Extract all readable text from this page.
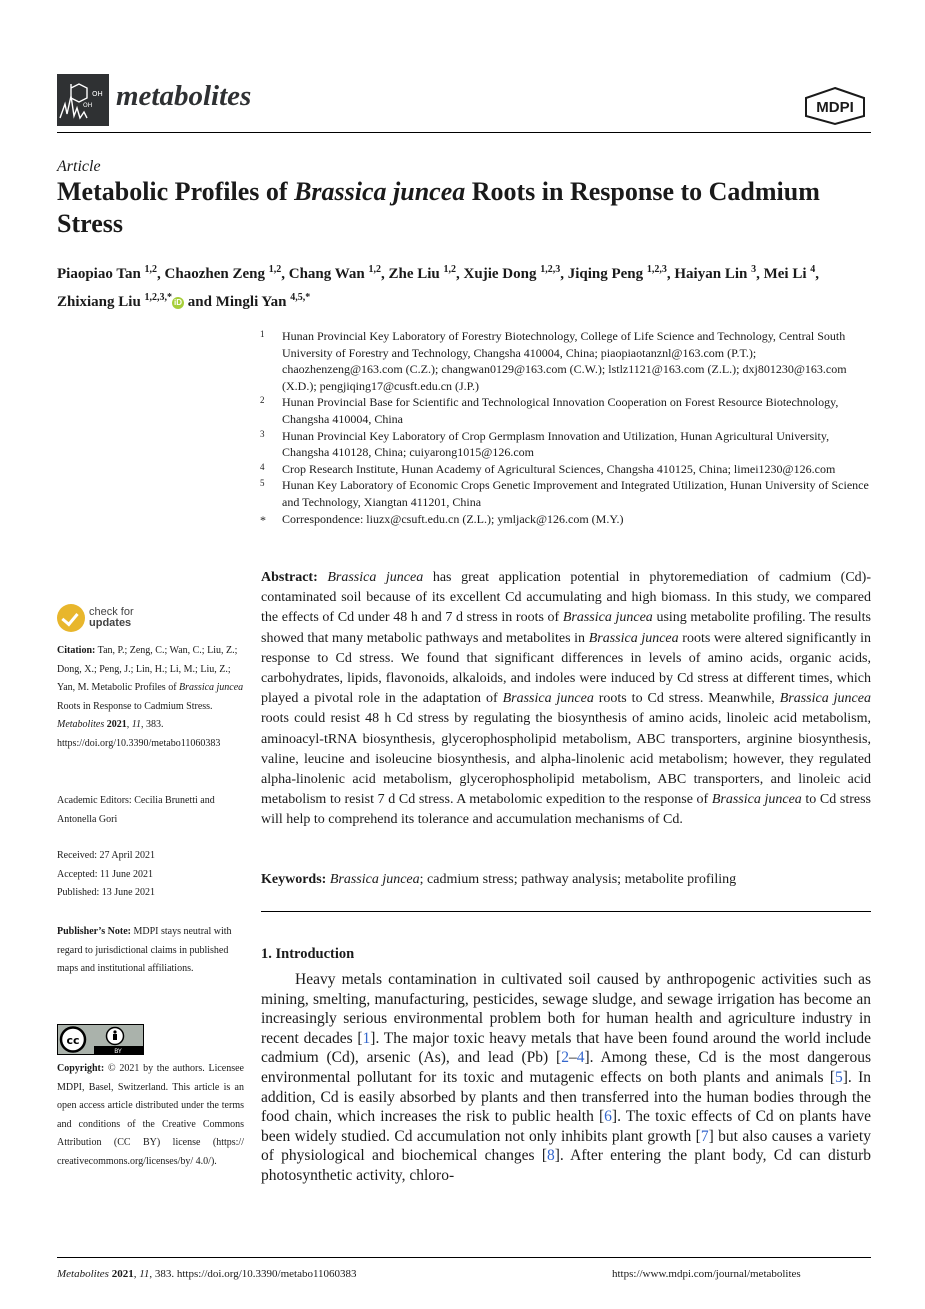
OH
OH metabolites	MDPI
Article
Metabolic Profiles of Brassica juncea Roots in Response to Cadmium Stress
Piaopiao Tan $^{1,2}$, Chaozhen Zeng $^{1,2}$, Chang Wan $^{1,2}$, Zhe Liu $^{1,2}$, Xujie Dong $^{1,2,3}$, Jiqing Peng $^{1,2,3}$, Haiyan Lin $^3$, Mei Li $^4$, Zhixiang Liu $^{1,2,3,*}$ iD and Mingli Yan $^{4,5,*}$
1 Hunan Provincial Key Laboratory of Forestry Biotechnology, College of Life Science and Technology, Central South University of Forestry and Technology, Changsha 410004, China; piaopiaotanznl@163.com (P.T.); chaozhenzeng@163.com (C.Z.); changwan0129@163.com (C.W.); lstlz1121@163.com (Z.L.); dxj801230@163.com (X.D.); pengjiqing17@cusft.edu.cn (J.P.)
2 Hunan Provincial Base for Scientific and Technological Innovation Cooperation on Forest Resource Biotechnology, Changsha 410004, China
3 Hunan Provincial Key Laboratory of Crop Germplasm Innovation and Utilization, Hunan Agricultural University, Changsha 410128, China; cuiyarong1015@126.com
4 Crop Research Institute, Hunan Academy of Agricultural Sciences, Changsha 410125, China; limei1230@126.com
5 Hunan Key Laboratory of Economic Crops Genetic Improvement and Integrated Utilization, Hunan University of Science and Technology, Xiangtan 411201, China
* Correspondence: liuzx@csuft.edu.cn (Z.L.); ymljack@126.com (M.Y.)
check for
updates
Citation: Tan, P.; Zeng, C.; Wan, C.; Liu, Z.; Dong, X.; Peng, J.; Lin, H.; Li, M.; Liu, Z.; Yan, M. Metabolic Profiles of Brassica juncea Roots in Response to Cadmium Stress. Metabolites 2021, 11, 383. https://doi.org/10.3390/metabo11060383
Academic Editors: Cecilia Brunetti and Antonella Gori
Received: 27 April 2021
Accepted: 11 June 2021
Published: 13 June 2021
Publisher’s Note: MDPI stays neutral with regard to jurisdictional claims in published maps and institutional affiliations.
cc
BY
Copyright: © 2021 by the authors. Licensee MDPI, Basel, Switzerland. This article is an open access article distributed under the terms and conditions of the Creative Commons Attribution (CC BY) license (https:// creativecommons.org/licenses/by/ 4.0/).
Abstract: Brassica juncea has great application potential in phytoremediation of cadmium (Cd)-contaminated soil because of its excellent Cd accumulating and high biomass. In this study, we compared the effects of Cd under 48 h and 7 d stress in roots of Brassica juncea using metabolite profiling. The results showed that many metabolic pathways and metabolites in Brassica juncea roots were altered significantly in response to Cd stress. We found that significant differences in levels of amino acids, organic acids, carbohydrates, lipids, flavonoids, alkaloids, and indoles were induced by Cd stress at different times, which played a pivotal role in the adaptation of Brassica juncea roots to Cd stress. Meanwhile, Brassica juncea roots could resist 48 h Cd stress by regulating the biosynthesis of amino acids, linoleic acid metabolism, aminoacyl-tRNA biosynthesis, glycerophospholipid metabolism, ABC transporters, arginine biosynthesis, valine, leucine and isoleucine biosynthesis, and alpha-linolenic acid metabolism; however, they regulated alpha-linolenic acid metabolism, glycerophospholipid metabolism, ABC transporters, and linoleic acid metabolism to resist 7 d Cd stress. A metabolomic expedition to the response of Brassica juncea to Cd stress will help to comprehend its tolerance and accumulation mechanisms of Cd.
Keywords: Brassica juncea; cadmium stress; pathway analysis; metabolite profiling
1. Introduction
Heavy metals contamination in cultivated soil caused by anthropogenic activities such as mining, smelting, manufacturing, pesticides, sewage sludge, and sewage irrigation has become an increasingly serious environmental problem both for human health and agriculture industry in recent decades [1]. The major toxic heavy metals that have been found around the world include cadmium (Cd), arsenic (As), and lead (Pb) [2–4]. Among these, Cd is the most dangerous environmental pollutant for its toxic and mutagenic effects on both plants and animals [5]. In addition, Cd is easily absorbed by plants and then transferred into the human bodies through the food chain, which increases the risk to public health [6]. The toxic effects of Cd on plants have been widely studied. Cd accumulation not only inhibits plant growth [7] but also causes a variety of physiological and biochemical changes [8]. After entering the plant body, Cd can disturb photosynthetic activity, chloro-
Metabolites 2021, 11, 383. https://doi.org/10.3390/metabo11060383	https://www.mdpi.com/journal/metabolites
